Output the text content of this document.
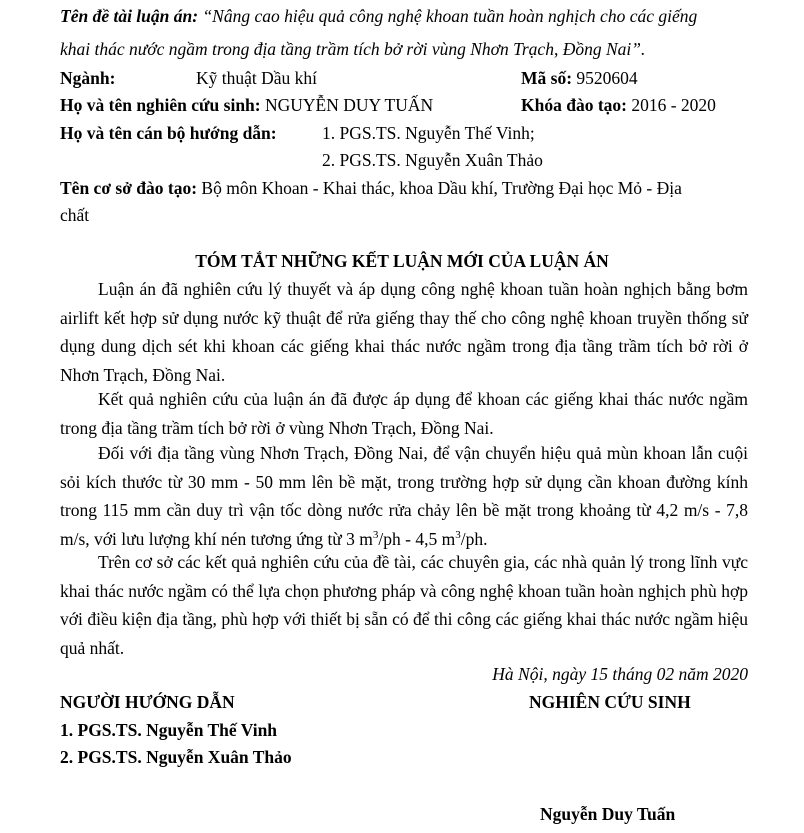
Tên đề tài luận án: “Nâng cao hiệu quả công nghệ khoan tuần hoàn nghịch cho các giếng
khai thác nước ngầm trong địa tầng trầm tích bở rời vùng Nhơn Trạch, Đồng Nai”.
Ngành:	Kỹ thuật Dầu khí	Mã số: 9520604
Họ và tên nghiên cứu sinh: NGUYỄN DUY TUẤN	Khóa đào tạo: 2016 - 2020
Họ và tên cán bộ hướng dẫn:	1. PGS.TS. Nguyễn Thế Vinh;
2. PGS.TS. Nguyễn Xuân Thảo
Tên cơ sở đào tạo: Bộ môn Khoan - Khai thác, khoa Dầu khí, Trường Đại học Mỏ - Địa
chất
TÓM TẮT NHỮNG KẾT LUẬN MỚI CỦA LUẬN ÁN
Luận án đã nghiên cứu lý thuyết và áp dụng công nghệ khoan tuần hoàn nghịch bằng bơm airlift kết hợp sử dụng nước kỹ thuật để rửa giếng thay thế cho công nghệ khoan truyền thống sử dụng dung dịch sét khi khoan các giếng khai thác nước ngầm trong địa tầng trầm tích bở rời ở Nhơn Trạch, Đồng Nai.
Kết quả nghiên cứu của luận án đã được áp dụng để khoan các giếng khai thác nước ngầm trong địa tầng trầm tích bở rời ở vùng Nhơn Trạch, Đồng Nai.
Đối với địa tầng vùng Nhơn Trạch, Đồng Nai, để vận chuyển hiệu quả mùn khoan lẫn cuội sỏi kích thước từ 30 mm - 50 mm lên bề mặt, trong trường hợp sử dụng cần khoan đường kính trong 115 mm cần duy trì vận tốc dòng nước rửa chảy lên bề mặt trong khoảng từ 4,2 m/s - 7,8 m/s, với lưu lượng khí nén tương ứng từ 3 $m^3/ph - 4,5$ $m^3/ph$.
Trên cơ sở các kết quả nghiên cứu của đề tài, các chuyên gia, các nhà quản lý trong lĩnh vực khai thác nước ngầm có thể lựa chọn phương pháp và công nghệ khoan tuần hoàn nghịch phù hợp với điều kiện địa tầng, phù hợp với thiết bị sẵn có để thi công các giếng khai thác nước ngầm hiệu quả nhất.
Hà Nội, ngày 15 tháng 02 năm 2020
NGƯỜI HƯỚNG DẪN	NGHIÊN CỨU SINH
1. PGS.TS. Nguyễn Thế Vinh
2. PGS.TS. Nguyễn Xuân Thảo
Nguyễn Duy Tuấn
